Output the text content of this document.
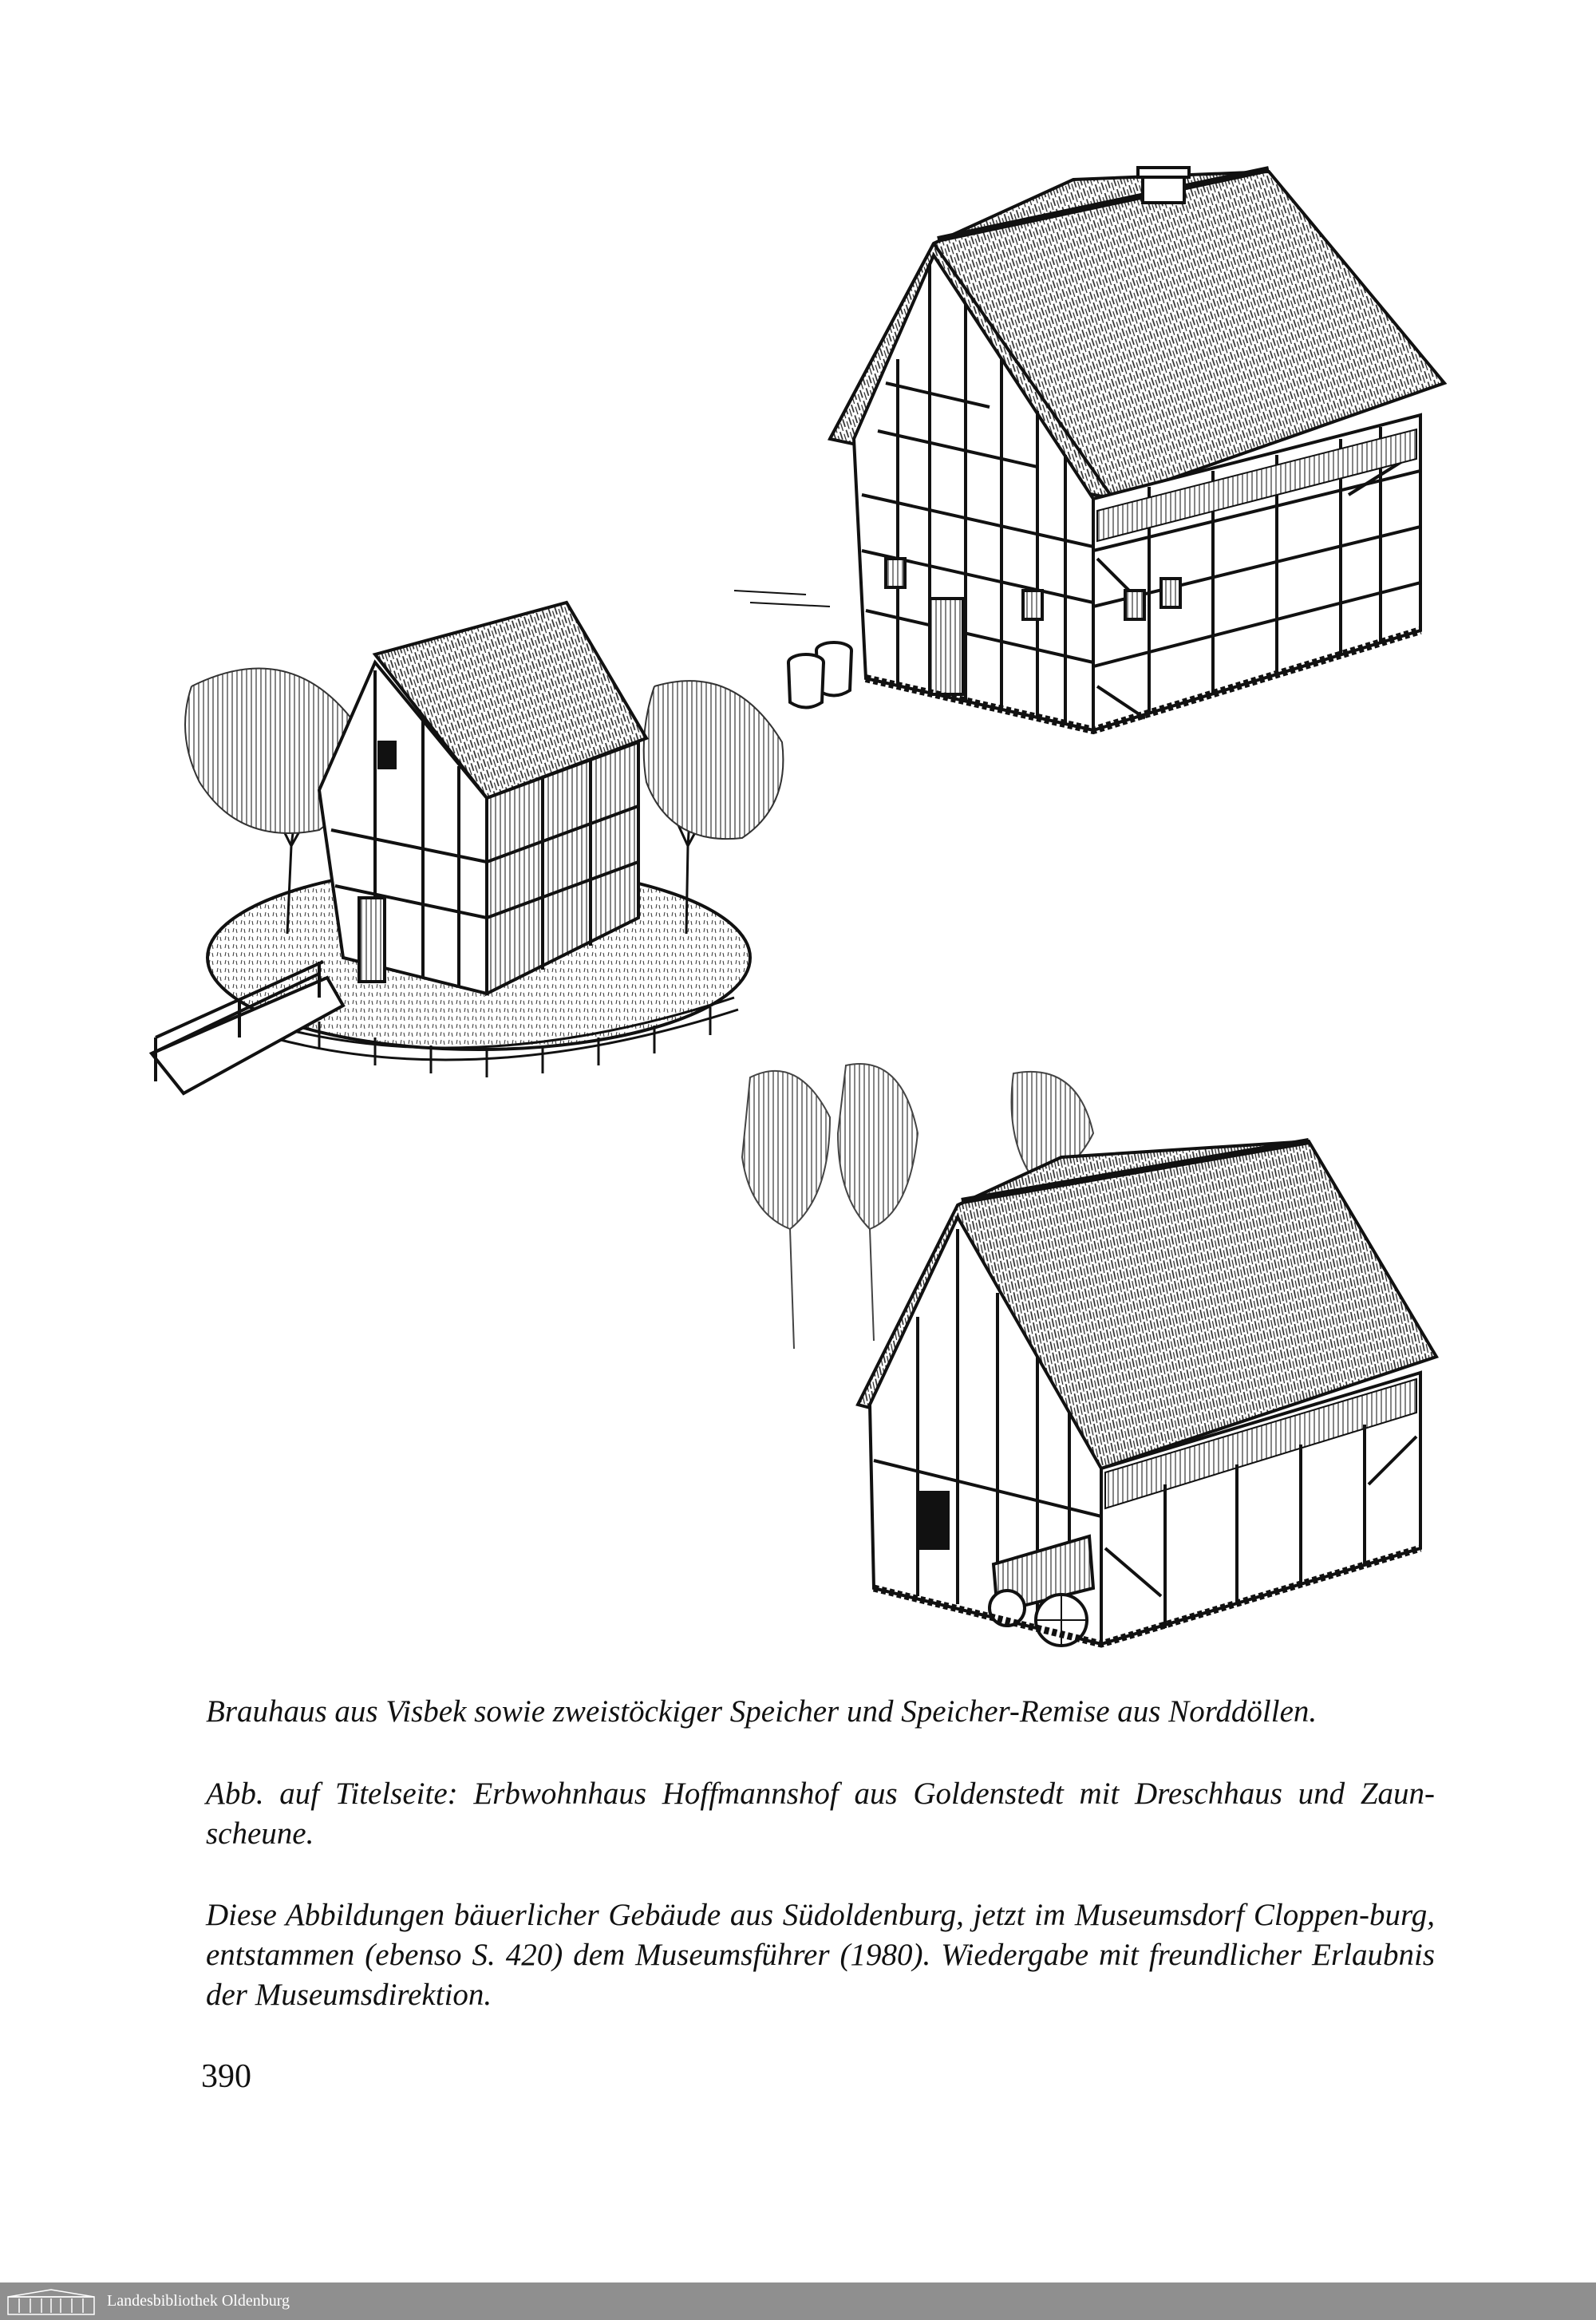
Brauhaus aus Visbek sowie zweistöckiger Speicher und Speicher-Remise aus Norddöllen.

Abb. auf Titelseite: Erbwohnhaus Hoffmannshof aus Goldenstedt mit Dreschhaus und Zaun-scheune.

Diese Abbildungen bäuerlicher Gebäude aus Südoldenburg, jetzt im Museumsdorf Cloppen-burg, entstammen (ebenso S. 420) dem Museumsführer (1980). Wiedergabe mit freundlicher Erlaubnis der Museumsdirektion.

390
Landesbibliothek Oldenburg
